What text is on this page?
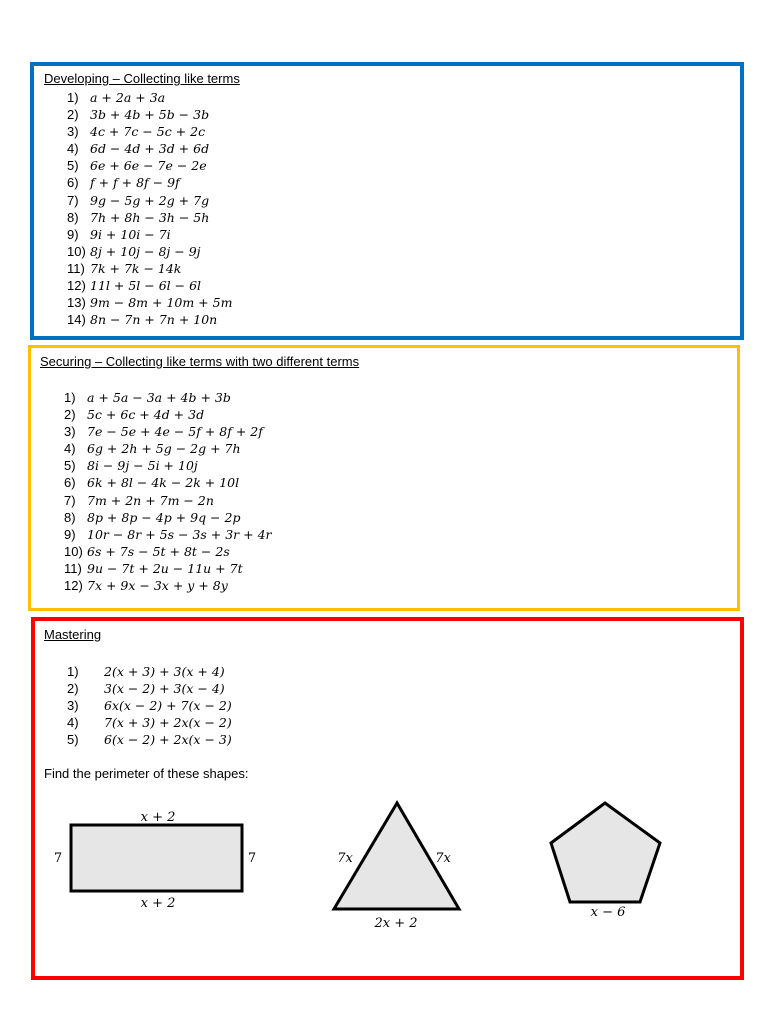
Developing – Collecting like terms
1) a + 2a + 3a
2) 3b + 4b + 5b − 3b
3) 4c + 7c − 5c + 2c
4) 6d − 4d + 3d + 6d
5) 6e + 6e − 7e − 2e
6) f + f + 8f − 9f
7) 9g − 5g + 2g + 7g
8) 7h + 8h − 3h − 5h
9) 9i + 10i − 7i
10) 8j + 10j − 8j − 9j
11) 7k + 7k − 14k
12) 11l + 5l − 6l − 6l
13) 9m − 8m + 10m + 5m
14) 8n − 7n + 7n + 10n
Securing – Collecting like terms with two different terms
1) a + 5a − 3a + 4b + 3b
2) 5c + 6c + 4d + 3d
3) 7e − 5e + 4e − 5f + 8f + 2f
4) 6g + 2h + 5g − 2g + 7h
5) 8i − 9j − 5i + 10j
6) 6k + 8l − 4k − 2k + 10l
7) 7m + 2n + 7m − 2n
8) 8p + 8p − 4p + 9q − 2p
9) 10r − 8r + 5s − 3s + 3r + 4r
10) 6s + 7s − 5t + 8t − 2s
11) 9u − 7t + 2u − 11u + 7t
12) 7x + 9x − 3x + y + 8y
Mastering
1) 2(x + 3) + 3(x + 4)
2) 3(x − 2) + 3(x − 4)
3) 6x(x − 2) + 7(x − 2)
4) 7(x + 3) + 2x(x − 2)
5) 6(x − 2) + 2x(x − 3)
Find the perimeter of these shapes:
x + 2
x + 2
7	7	7x	7x
2x + 2
x − 6
